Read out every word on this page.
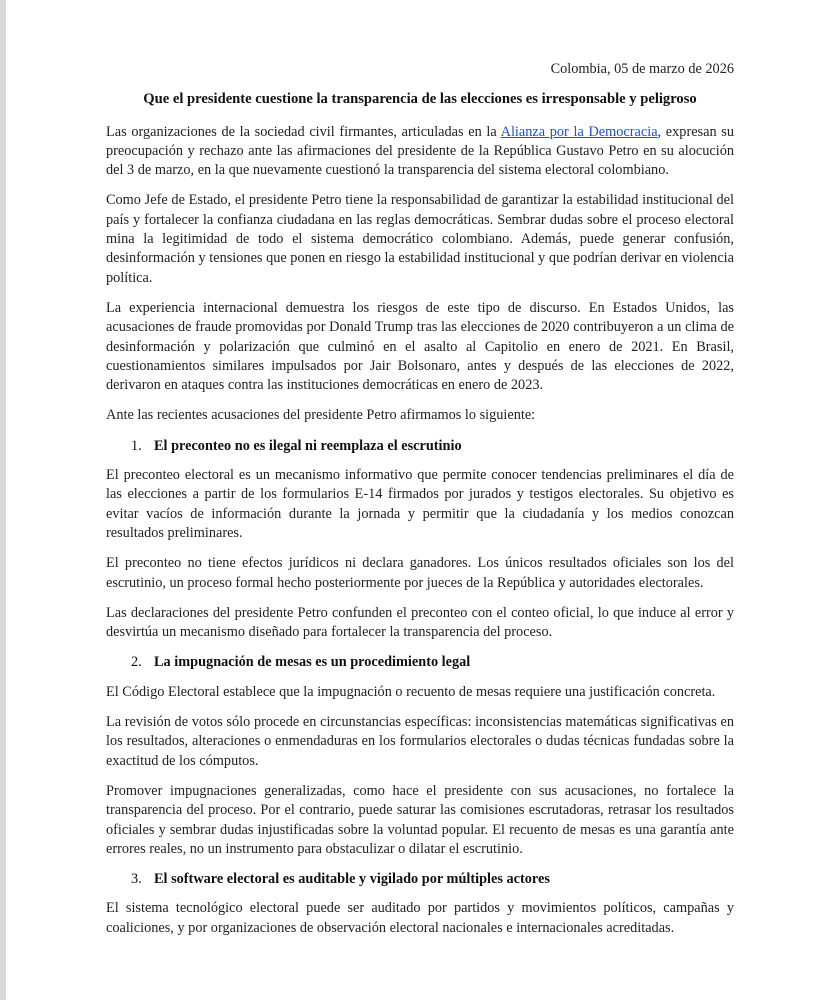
Colombia, 05 de marzo de 2026
Que el presidente cuestione la transparencia de las elecciones es irresponsable y peligroso

Las organizaciones de la sociedad civil firmantes, articuladas en la Alianza por la Democracia, expresan su preocupación y rechazo ante las afirmaciones del presidente de la República Gustavo Petro en su alocución del 3 de marzo, en la que nuevamente cuestionó la transparencia del sistema electoral colombiano.

Como Jefe de Estado, el presidente Petro tiene la responsabilidad de garantizar la estabilidad institucional del país y fortalecer la confianza ciudadana en las reglas democráticas. Sembrar dudas sobre el proceso electoral mina la legitimidad de todo el sistema democrático colombiano. Además, puede generar confusión, desinformación y tensiones que ponen en riesgo la estabilidad institucional y que podrían derivar en violencia política.

La experiencia internacional demuestra los riesgos de este tipo de discurso. En Estados Unidos, las acusaciones de fraude promovidas por Donald Trump tras las elecciones de 2020 contribuyeron a un clima de desinformación y polarización que culminó en el asalto al Capitolio en enero de 2021. En Brasil, cuestionamientos similares impulsados por Jair Bolsonaro, antes y después de las elecciones de 2022, derivaron en ataques contra las instituciones democráticas en enero de 2023.

Ante las recientes acusaciones del presidente Petro afirmamos lo siguiente:

1. El preconteo no es ilegal ni reemplaza el escrutinio

El preconteo electoral es un mecanismo informativo que permite conocer tendencias preliminares el día de las elecciones a partir de los formularios E-14 firmados por jurados y testigos electorales. Su objetivo es evitar vacíos de información durante la jornada y permitir que la ciudadanía y los medios conozcan resultados preliminares.

El preconteo no tiene efectos jurídicos ni declara ganadores. Los únicos resultados oficiales son los del escrutinio, un proceso formal hecho posteriormente por jueces de la República y autoridades electorales.

Las declaraciones del presidente Petro confunden el preconteo con el conteo oficial, lo que induce al error y desvirtúa un mecanismo diseñado para fortalecer la transparencia del proceso.

2. La impugnación de mesas es un procedimiento legal

El Código Electoral establece que la impugnación o recuento de mesas requiere una justificación concreta.

La revisión de votos sólo procede en circunstancias específicas: inconsistencias matemáticas significativas en los resultados, alteraciones o enmendaduras en los formularios electorales o dudas técnicas fundadas sobre la exactitud de los cómputos.

Promover impugnaciones generalizadas, como hace el presidente con sus acusaciones, no fortalece la transparencia del proceso. Por el contrario, puede saturar las comisiones escrutadoras, retrasar los resultados oficiales y sembrar dudas injustificadas sobre la voluntad popular. El recuento de mesas es una garantía ante errores reales, no un instrumento para obstaculizar o dilatar el escrutinio.

3. El software electoral es auditable y vigilado por múltiples actores

El sistema tecnológico electoral puede ser auditado por partidos y movimientos políticos, campañas y coaliciones, y por organizaciones de observación electoral nacionales e internacionales acreditadas.
